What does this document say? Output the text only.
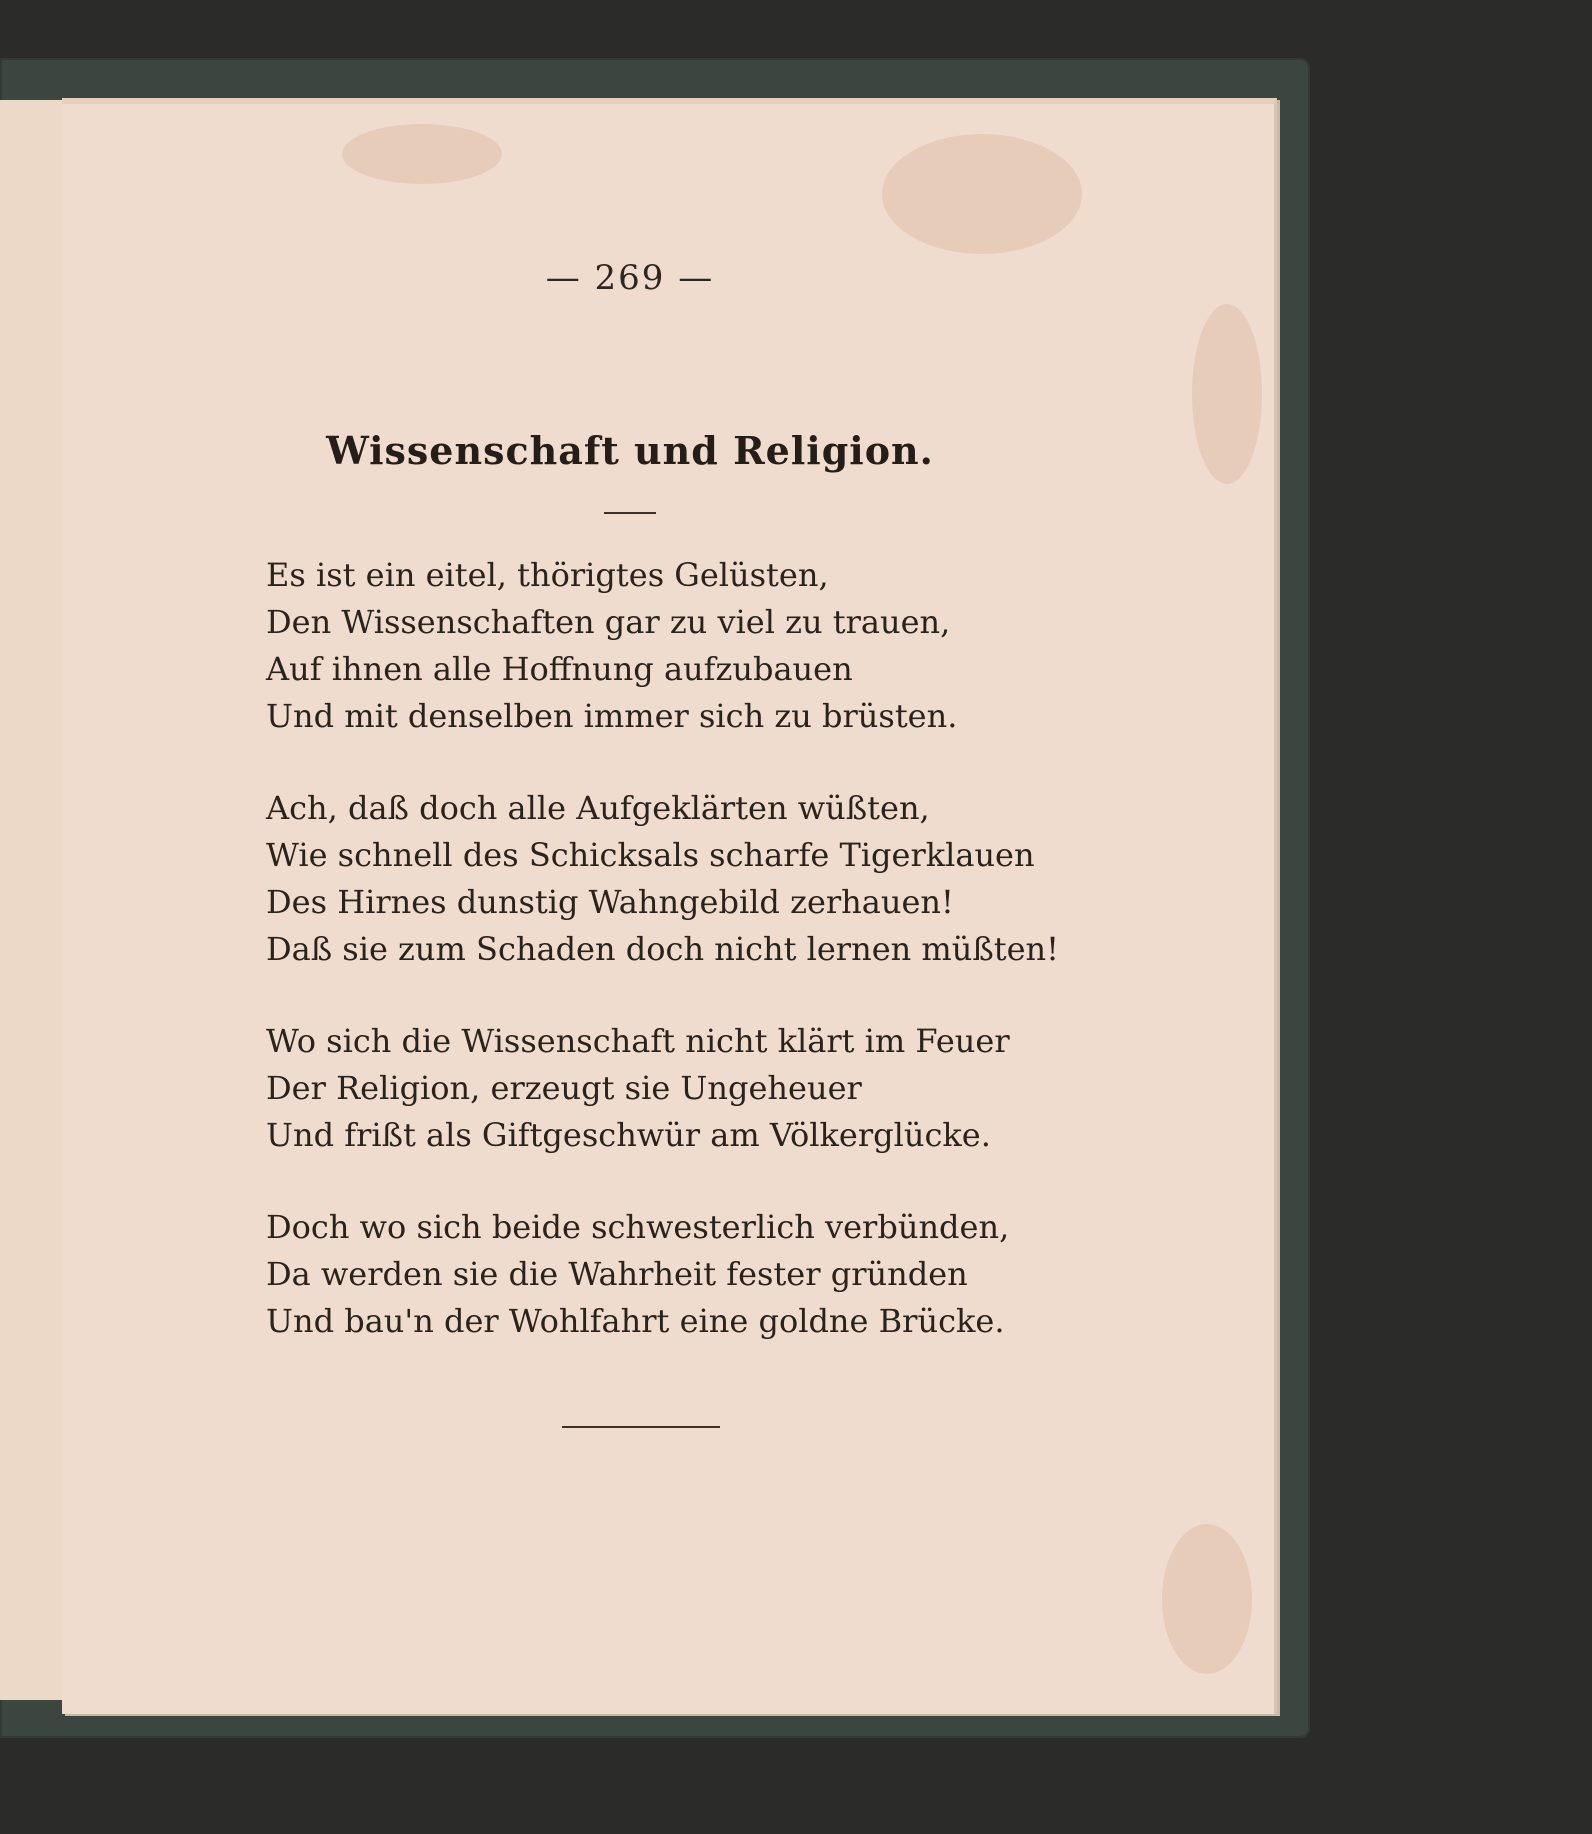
— 269 —
Wissenschaft und Religion.
Es ist ein eitel, thörigtes Gelüsten,
Den Wissenschaften gar zu viel zu trauen,
Auf ihnen alle Hoffnung aufzubauen
Und mit denselben immer sich zu brüsten.
Ach, daß doch alle Aufgeklärten wüßten,
Wie schnell des Schicksals scharfe Tigerklauen
Des Hirnes dunstig Wahngebild zerhauen!
Daß sie zum Schaden doch nicht lernen müßten!
Wo sich die Wissenschaft nicht klärt im Feuer
Der Religion, erzeugt sie Ungeheuer
Und frißt als Giftgeschwür am Völkerglücke.
Doch wo sich beide schwesterlich verbünden,
Da werden sie die Wahrheit fester gründen
Und bau'n der Wohlfahrt eine goldne Brücke.
